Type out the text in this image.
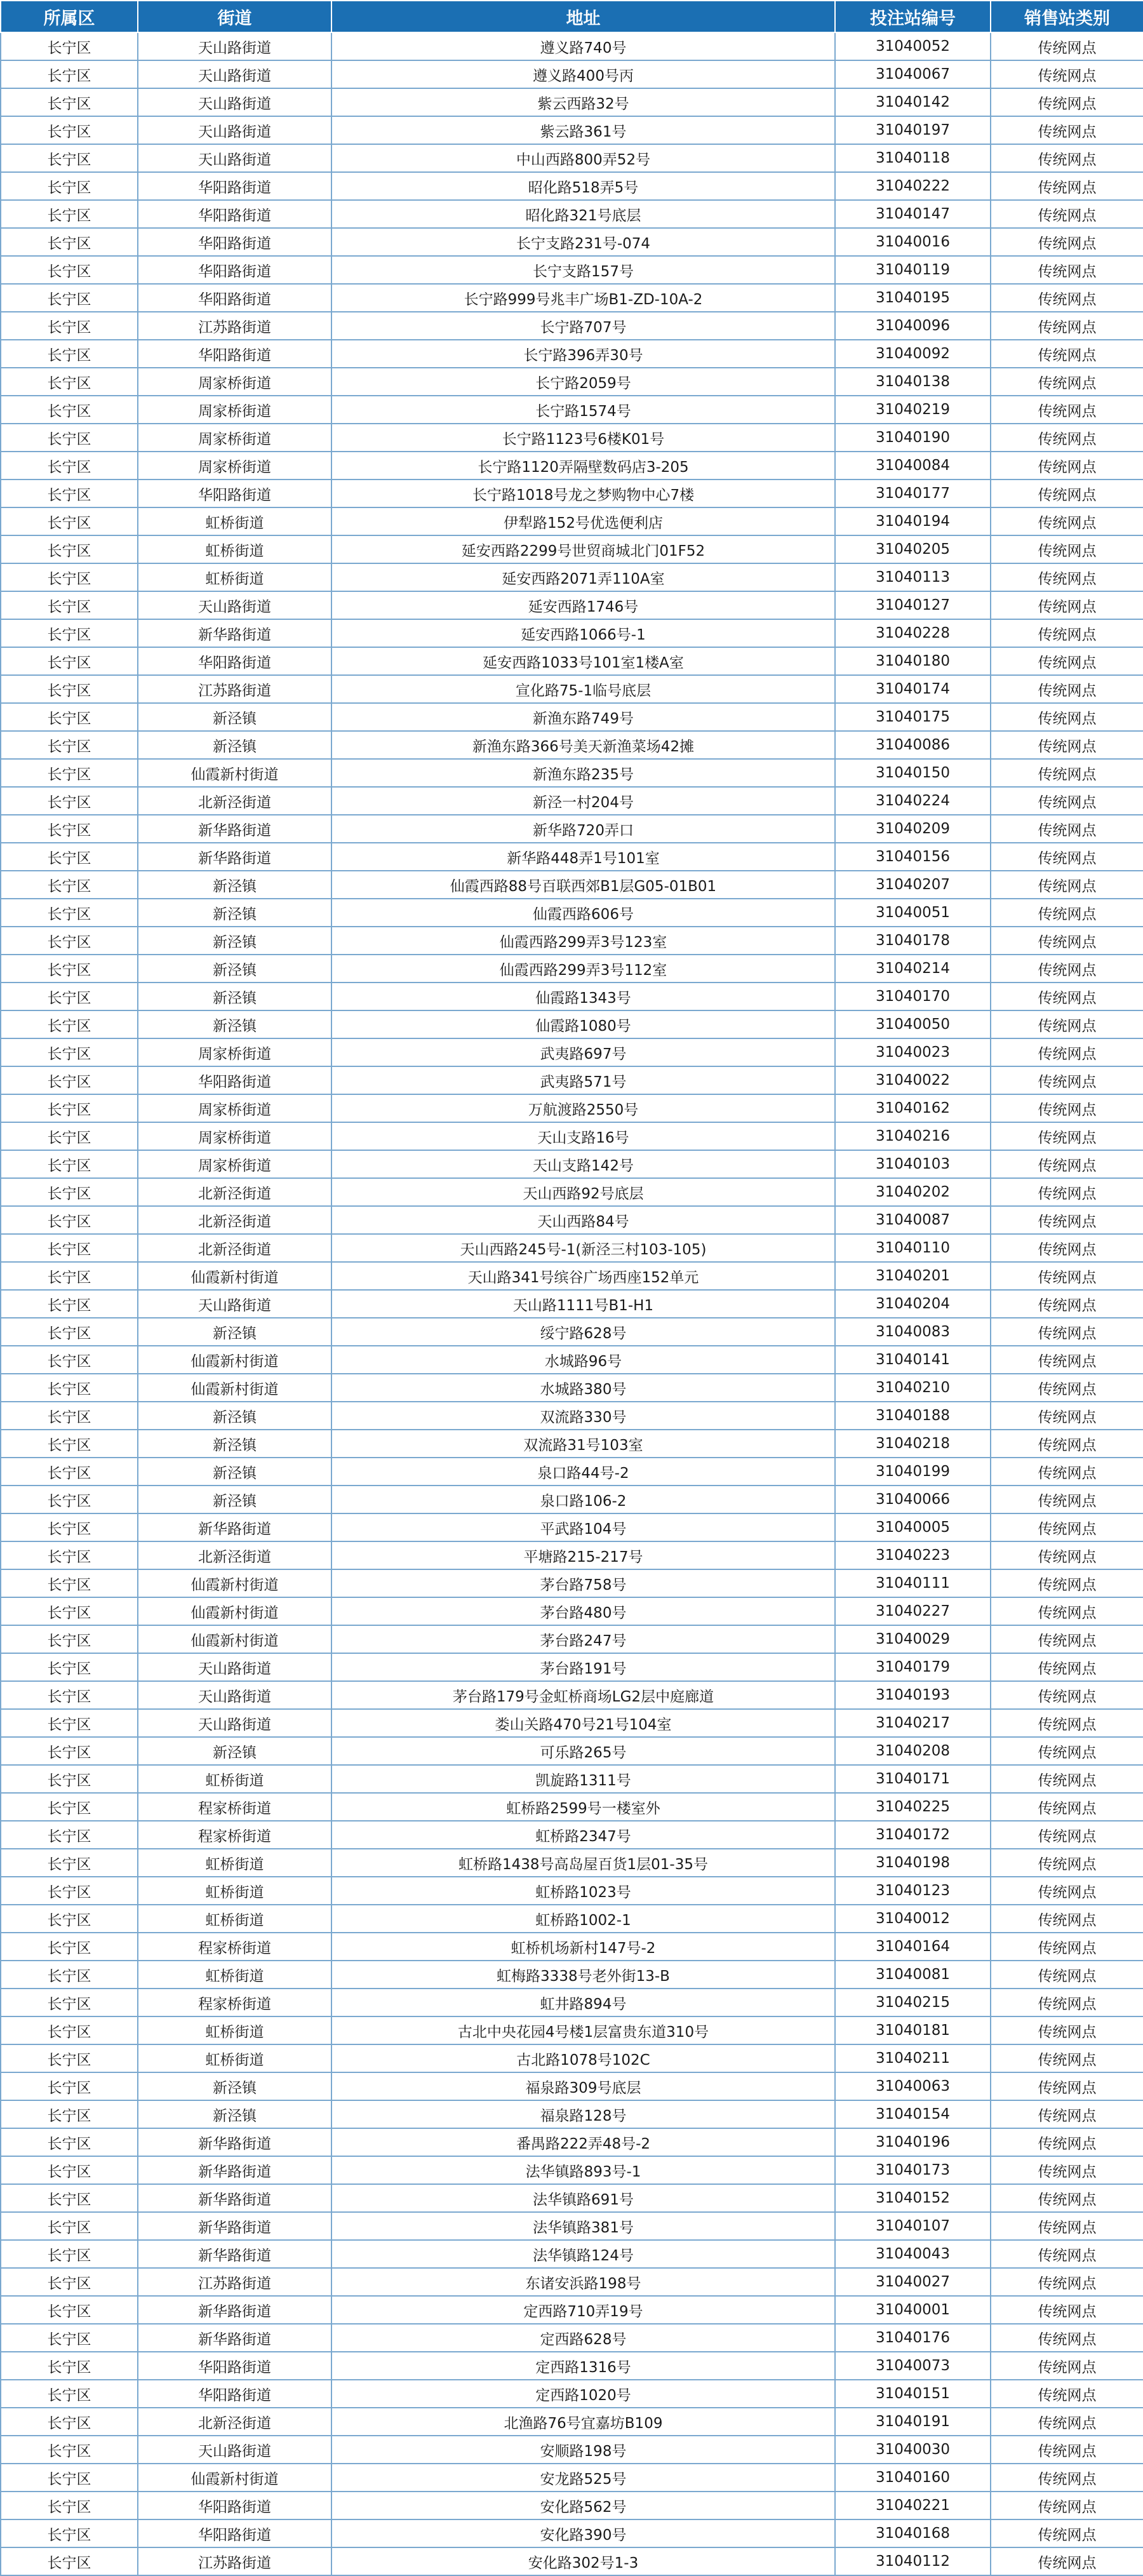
所属区	街道	地址	投注站编号	销售站类别
长宁区	天山路街道	遵义路740号	31040052	传统网点
长宁区	天山路街道	遵义路400号丙	31040067	传统网点
长宁区	天山路街道	紫云西路32号	31040142	传统网点
长宁区	天山路街道	紫云路361号	31040197	传统网点
长宁区	天山路街道	中山西路800弄52号	31040118	传统网点
长宁区	华阳路街道	昭化路518弄5号	31040222	传统网点
长宁区	华阳路街道	昭化路321号底层	31040147	传统网点
长宁区	华阳路街道	长宁支路231号-074	31040016	传统网点
长宁区	华阳路街道	长宁支路157号	31040119	传统网点
长宁区	华阳路街道	长宁路999号兆丰广场B1-ZD-10A-2	31040195	传统网点
长宁区	江苏路街道	长宁路707号	31040096	传统网点
长宁区	华阳路街道	长宁路396弄30号	31040092	传统网点
长宁区	周家桥街道	长宁路2059号	31040138	传统网点
长宁区	周家桥街道	长宁路1574号	31040219	传统网点
长宁区	周家桥街道	长宁路1123号6楼K01号	31040190	传统网点
长宁区	周家桥街道	长宁路1120弄隔壁数码店3-205	31040084	传统网点
长宁区	华阳路街道	长宁路1018号龙之梦购物中心7楼	31040177	传统网点
长宁区	虹桥街道	伊犁路152号优选便利店	31040194	传统网点
长宁区	虹桥街道	延安西路2299号世贸商城北门01F52	31040205	传统网点
长宁区	虹桥街道	延安西路2071弄110A室	31040113	传统网点
长宁区	天山路街道	延安西路1746号	31040127	传统网点
长宁区	新华路街道	延安西路1066号-1	31040228	传统网点
长宁区	华阳路街道	延安西路1033号101室1楼A室	31040180	传统网点
长宁区	江苏路街道	宣化路75-1临号底层	31040174	传统网点
长宁区	新泾镇	新渔东路749号	31040175	传统网点
长宁区	新泾镇	新渔东路366号美天新渔菜场42摊	31040086	传统网点
长宁区	仙霞新村街道	新渔东路235号	31040150	传统网点
长宁区	北新泾街道	新泾一村204号	31040224	传统网点
长宁区	新华路街道	新华路720弄口	31040209	传统网点
长宁区	新华路街道	新华路448弄1号101室	31040156	传统网点
长宁区	新泾镇	仙霞西路88号百联西郊B1层G05-01B01	31040207	传统网点
长宁区	新泾镇	仙霞西路606号	31040051	传统网点
长宁区	新泾镇	仙霞西路299弄3号123室	31040178	传统网点
长宁区	新泾镇	仙霞西路299弄3号112室	31040214	传统网点
长宁区	新泾镇	仙霞路1343号	31040170	传统网点
长宁区	新泾镇	仙霞路1080号	31040050	传统网点
长宁区	周家桥街道	武夷路697号	31040023	传统网点
长宁区	华阳路街道	武夷路571号	31040022	传统网点
长宁区	周家桥街道	万航渡路2550号	31040162	传统网点
长宁区	周家桥街道	天山支路16号	31040216	传统网点
长宁区	周家桥街道	天山支路142号	31040103	传统网点
长宁区	北新泾街道	天山西路92号底层	31040202	传统网点
长宁区	北新泾街道	天山西路84号	31040087	传统网点
长宁区	北新泾街道	天山西路245号-1(新泾三村103-105)	31040110	传统网点
长宁区	仙霞新村街道	天山路341号缤谷广场西座152单元	31040201	传统网点
长宁区	天山路街道	天山路1111号B1-H1	31040204	传统网点
长宁区	新泾镇	绥宁路628号	31040083	传统网点
长宁区	仙霞新村街道	水城路96号	31040141	传统网点
长宁区	仙霞新村街道	水城路380号	31040210	传统网点
长宁区	新泾镇	双流路330号	31040188	传统网点
长宁区	新泾镇	双流路31号103室	31040218	传统网点
长宁区	新泾镇	泉口路44号-2	31040199	传统网点
长宁区	新泾镇	泉口路106-2	31040066	传统网点
长宁区	新华路街道	平武路104号	31040005	传统网点
长宁区	北新泾街道	平塘路215-217号	31040223	传统网点
长宁区	仙霞新村街道	茅台路758号	31040111	传统网点
长宁区	仙霞新村街道	茅台路480号	31040227	传统网点
长宁区	仙霞新村街道	茅台路247号	31040029	传统网点
长宁区	天山路街道	茅台路191号	31040179	传统网点
长宁区	天山路街道	茅台路179号金虹桥商场LG2层中庭廊道	31040193	传统网点
长宁区	天山路街道	娄山关路470号21号104室	31040217	传统网点
长宁区	新泾镇	可乐路265号	31040208	传统网点
长宁区	虹桥街道	凯旋路1311号	31040171	传统网点
长宁区	程家桥街道	虹桥路2599号一楼室外	31040225	传统网点
长宁区	程家桥街道	虹桥路2347号	31040172	传统网点
长宁区	虹桥街道	虹桥路1438号高岛屋百货1层01-35号	31040198	传统网点
长宁区	虹桥街道	虹桥路1023号	31040123	传统网点
长宁区	虹桥街道	虹桥路1002-1	31040012	传统网点
长宁区	程家桥街道	虹桥机场新村147号-2	31040164	传统网点
长宁区	虹桥街道	虹梅路3338号老外街13-B	31040081	传统网点
长宁区	程家桥街道	虹井路894号	31040215	传统网点
长宁区	虹桥街道	古北中央花园4号楼1层富贵东道310号	31040181	传统网点
长宁区	虹桥街道	古北路1078号102C	31040211	传统网点
长宁区	新泾镇	福泉路309号底层	31040063	传统网点
长宁区	新泾镇	福泉路128号	31040154	传统网点
长宁区	新华路街道	番禺路222弄48号-2	31040196	传统网点
长宁区	新华路街道	法华镇路893号-1	31040173	传统网点
长宁区	新华路街道	法华镇路691号	31040152	传统网点
长宁区	新华路街道	法华镇路381号	31040107	传统网点
长宁区	新华路街道	法华镇路124号	31040043	传统网点
长宁区	江苏路街道	东诸安浜路198号	31040027	传统网点
长宁区	新华路街道	定西路710弄19号	31040001	传统网点
长宁区	新华路街道	定西路628号	31040176	传统网点
长宁区	华阳路街道	定西路1316号	31040073	传统网点
长宁区	华阳路街道	定西路1020号	31040151	传统网点
长宁区	北新泾街道	北渔路76号宜嘉坊B109	31040191	传统网点
长宁区	天山路街道	安顺路198号	31040030	传统网点
长宁区	仙霞新村街道	安龙路525号	31040160	传统网点
长宁区	华阳路街道	安化路562号	31040221	传统网点
长宁区	华阳路街道	安化路390号	31040168	传统网点
长宁区	江苏路街道	安化路302号1-3	31040112	传统网点
